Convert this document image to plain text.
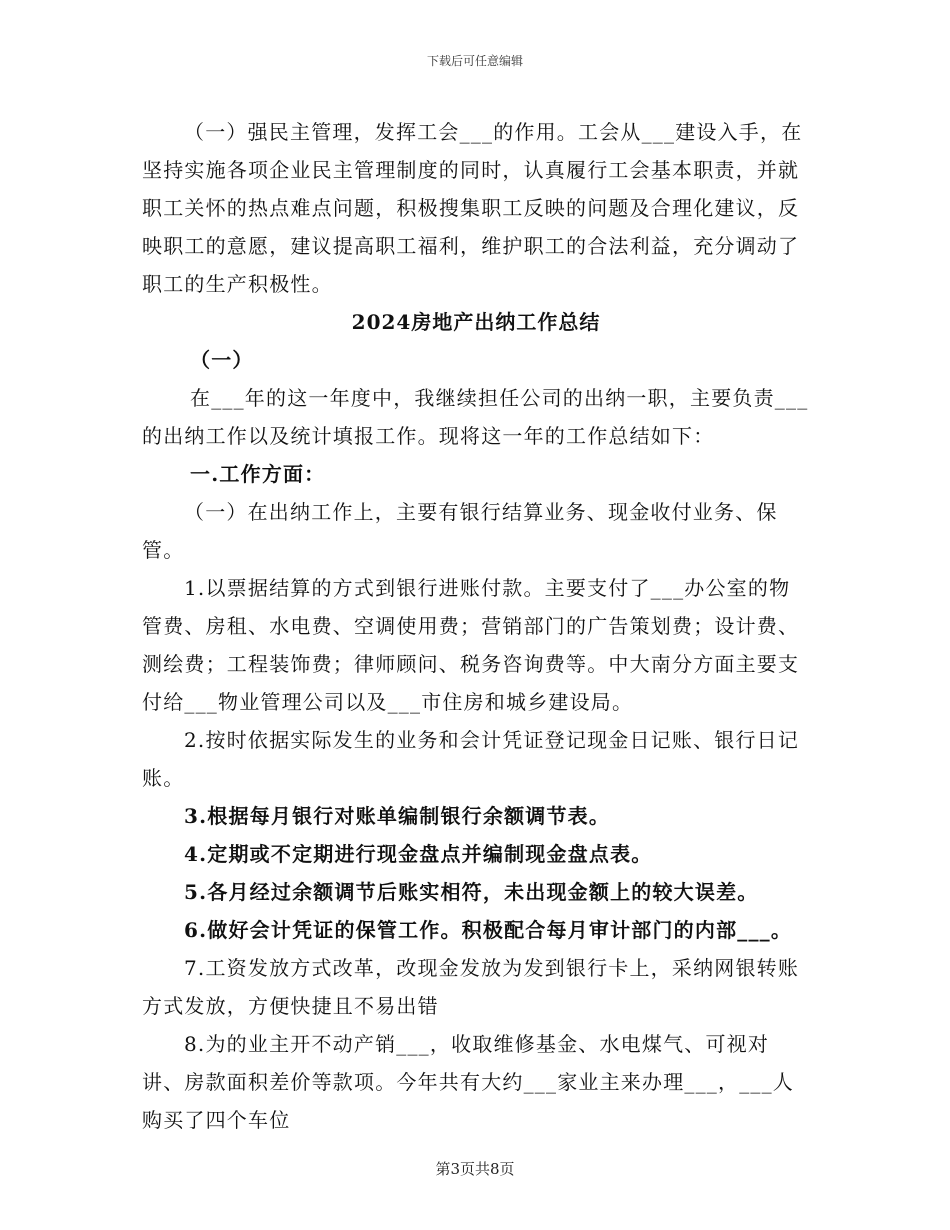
下载后可任意编辑

（一）强民主管理，发挥工会___的作用。工会从___建设入手，在坚持实施各项企业民主管理制度的同时，认真履行工会基本职责，并就职工关怀的热点难点问题，积极搜集职工反映的问题及合理化建议，反映职工的意愿，建议提高职工福利，维护职工的合法利益，充分调动了职工的生产积极性。

2024房地产出纳工作总结

（一）

在___年的这一年度中，我继续担任公司的出纳一职，主要负责___的出纳工作以及统计填报工作。现将这一年的工作总结如下：

一.工作方面：

（一）在出纳工作上，主要有银行结算业务、现金收付业务、保管。

1.以票据结算的方式到银行进账付款。主要支付了___办公室的物管费、房租、水电费、空调使用费；营销部门的广告策划费；设计费、测绘费；工程装饰费；律师顾问、税务咨询费等。中大南分方面主要支付给___物业管理公司以及___市住房和城乡建设局。

2.按时依据实际发生的业务和会计凭证登记现金日记账、银行日记账。

3.根据每月银行对账单编制银行余额调节表。

4.定期或不定期进行现金盘点并编制现金盘点表。

5.各月经过余额调节后账实相符，未出现金额上的较大误差。

6.做好会计凭证的保管工作。积极配合每月审计部门的内部___。

7.工资发放方式改革，改现金发放为发到银行卡上，采纳网银转账方式发放，方便快捷且不易出错

8.为的业主开不动产销___，收取维修基金、水电煤气、可视对讲、房款面积差价等款项。今年共有大约___家业主来办理___，___人购买了四个车位

第3页共8页
